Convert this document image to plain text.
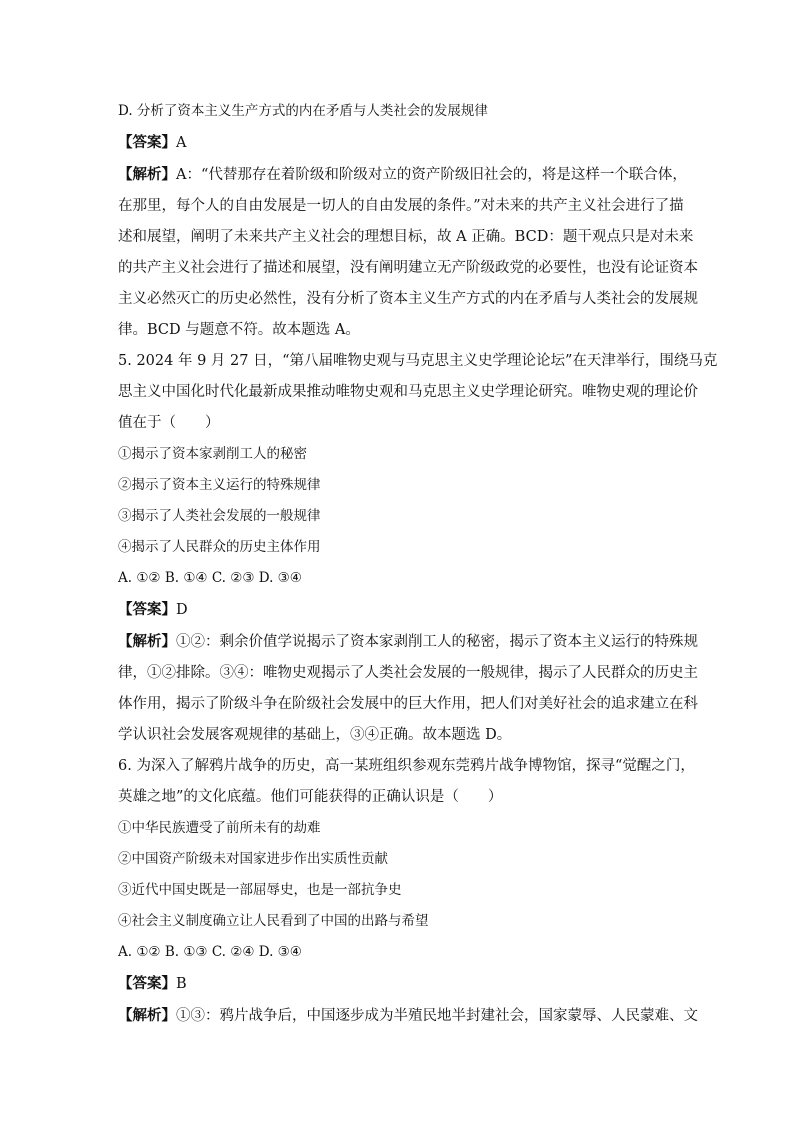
D. 分析了资本主义生产方式的内在矛盾与人类社会的发展规律
【答案】A
【解析】A：“代替那存在着阶级和阶级对立的资产阶级旧社会的，将是这样一个联合体，
在那里，每个人的自由发展是一切人的自由发展的条件。”对未来的共产主义社会进行了描
述和展望，阐明了未来共产主义社会的理想目标，故 A 正确。BCD：题干观点只是对未来
的共产主义社会进行了描述和展望，没有阐明建立无产阶级政党的必要性，也没有论证资本
主义必然灭亡的历史必然性，没有分析了资本主义生产方式的内在矛盾与人类社会的发展规
律。BCD 与题意不符。故本题选 A。
5. 2024 年 9 月 27 日，“第八届唯物史观与马克思主义史学理论论坛”在天津举行，围绕马克
思主义中国化时代化最新成果推动唯物史观和马克思主义史学理论研究。唯物史观的理论价
值在于（　　）
①揭示了资本家剥削工人的秘密
②揭示了资本主义运行的特殊规律
③揭示了人类社会发展的一般规律
④揭示了人民群众的历史主体作用
A. ①② B. ①④ C. ②③ D. ③④
【答案】D
【解析】①②：剩余价值学说揭示了资本家剥削工人的秘密，揭示了资本主义运行的特殊规
律，①②排除。③④：唯物史观揭示了人类社会发展的一般规律，揭示了人民群众的历史主
体作用，揭示了阶级斗争在阶级社会发展中的巨大作用，把人们对美好社会的追求建立在科
学认识社会发展客观规律的基础上，③④正确。故本题选 D。
6. 为深入了解鸦片战争的历史，高一某班组织参观东莞鸦片战争博物馆，探寻“觉醒之门，
英雄之地”的文化底蕴。他们可能获得的正确认识是（　　）
①中华民族遭受了前所未有的劫难
②中国资产阶级未对国家进步作出实质性贡献
③近代中国史既是一部屈辱史，也是一部抗争史
④社会主义制度确立让人民看到了中国的出路与希望
A. ①② B. ①③ C. ②④ D. ③④
【答案】B
【解析】①③：鸦片战争后，中国逐步成为半殖民地半封建社会，国家蒙辱、人民蒙难、文
